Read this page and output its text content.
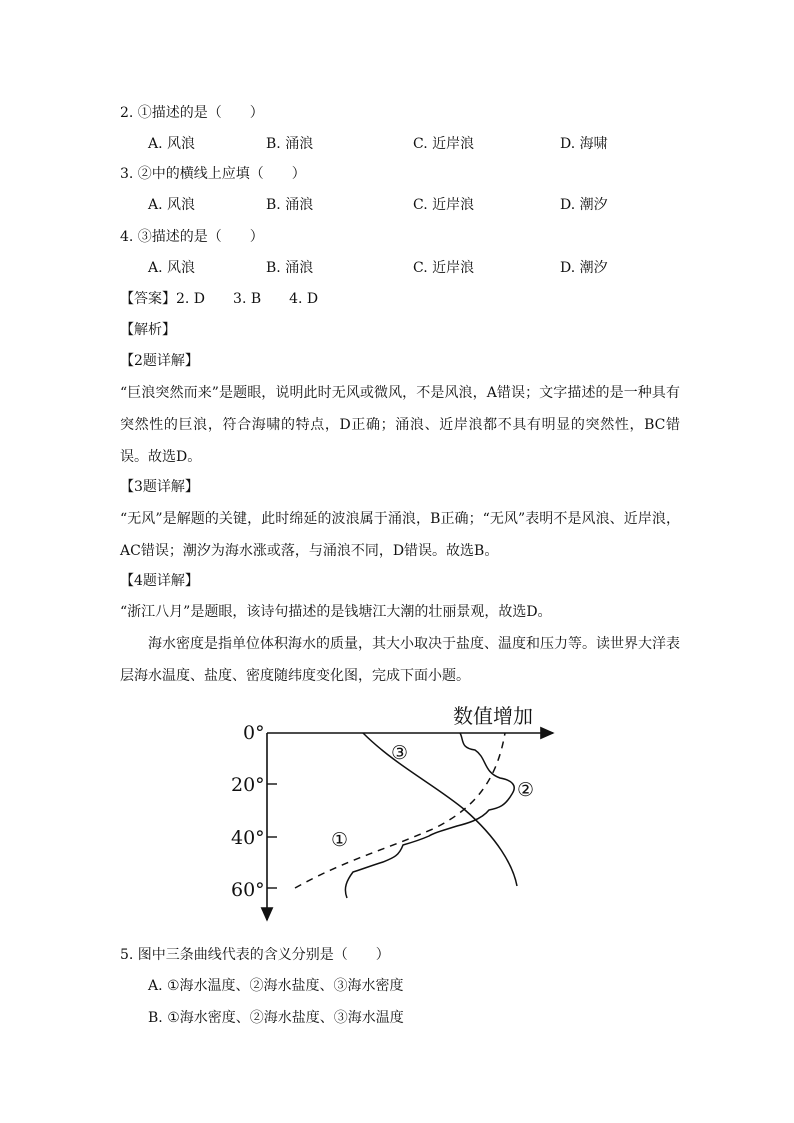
2. ①描述的是（　　）
A. 风浪	B. 涌浪	C. 近岸浪	D. 海啸
3. ②中的横线上应填（　　）
A. 风浪	B. 涌浪	C. 近岸浪	D. 潮汐
4. ③描述的是（　　）
A. 风浪	B. 涌浪	C. 近岸浪	D. 潮汐
【答案】2. D　　3. B　　4. D
【解析】
【2题详解】
“巨浪突然而来”是题眼，说明此时无风或微风，不是风浪，A错误；文字描述的是一种具有突然性的巨浪，符合海啸的特点，D正确；涌浪、近岸浪都不具有明显的突然性，BC错误。故选D。
【3题详解】
“无风”是解题的关键，此时绵延的波浪属于涌浪，B正确；“无风”表明不是风浪、近岸浪，AC错误；潮汐为海水涨或落，与涌浪不同，D错误。故选B。
【4题详解】
“浙江八月”是题眼，该诗句描述的是钱塘江大潮的壮丽景观，故选D。
海水密度是指单位体积海水的质量，其大小取决于盐度、温度和压力等。读世界大洋表层海水温度、盐度、密度随纬度变化图，完成下面小题。
0°
20°
40°
60°
数值增加
①
②
③
5. 图中三条曲线代表的含义分别是（　　）
A. ①海水温度、②海水盐度、③海水密度
B. ①海水密度、②海水盐度、③海水温度
